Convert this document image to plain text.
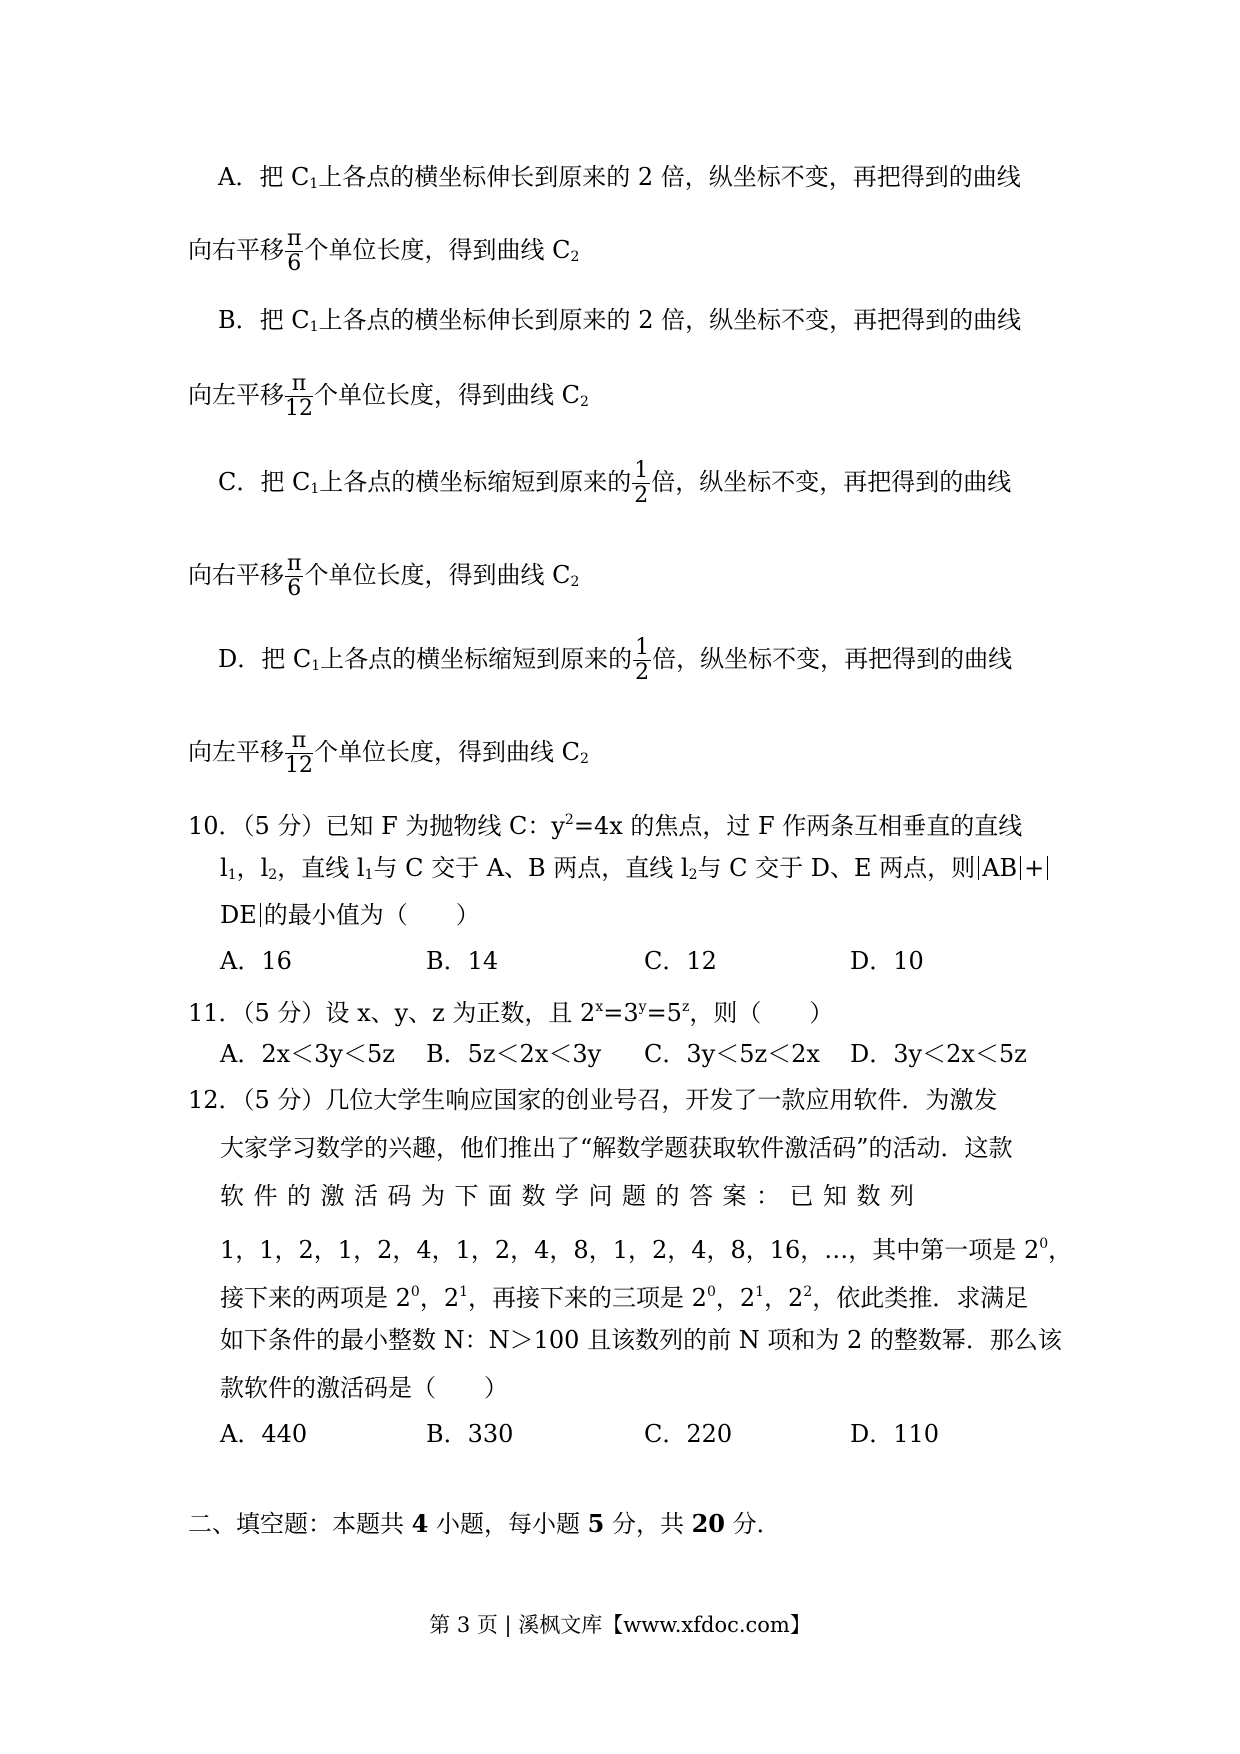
A．把 $C_1$上各点的横坐标伸长到原来的 2 倍，纵坐标不变，再把得到的曲线
向右平移 $\frac{\pi}{6}$ 个单位长度，得到曲线 $C_2$
B．把 $C_1$上各点的横坐标伸长到原来的 2 倍，纵坐标不变，再把得到的曲线
向左平移 $\frac{\pi}{12}$ 个单位长度，得到曲线 $C_2$
C．把 $C_1$上各点的横坐标缩短到原来的 $\frac{1}{2}$ 倍，纵坐标不变，再把得到的曲线
向右平移 $\frac{\pi}{6}$ 个单位长度，得到曲线 $C_2$
D．把 $C_1$上各点的横坐标缩短到原来的 $\frac{1}{2}$ 倍，纵坐标不变，再把得到的曲线
向左平移 $\frac{\pi}{12}$ 个单位长度，得到曲线 $C_2$
10．（5 分）已知 F 为抛物线 C：$y^2=4x$ 的焦点，过 F 作两条互相垂直的直线
$l_1$，$l_2$，直线 $l_1$与 C 交于 A、B 两点，直线 $l_2$与 C 交于 D、E 两点，则 AB +
DE 的最小值为（　　）
A．16	B．14	C．12	D．10
11．（5 分）设 x、y、z 为正数，且 $2^x=3^y=5^z$，则（　　）
A．2x＜3y＜5z B．5z＜2x＜3y C．3y＜5z＜2x D．3y＜2x＜5z
12．（5 分）几位大学生响应国家的创业号召，开发了一款应用软件．为激发
大家学习数学的兴趣，他们推出了“解数学题获取软件激活码”的活动．这款
软件的激活码为下面数学问题的答案：已知数列
1，1，2，1，2，4，1，2，4，8，1，2，4，8，16，…，其中第一项是 $2^0$，
接下来的两项是 $2^0$，$2^1$，再接下来的三项是 $2^0$，$2^1$，$2^2$，依此类推．求满足
如下条件的最小整数 N：N＞100 且该数列的前 N 项和为 2 的整数幂．那么该
款软件的激活码是（　　）
A．440	B．330	C．220	D．110
二、填空题：本题共 4 小题，每小题 5 分，共 20 分．
第 3 页 | 溪枫文库【www.xfdoc.com】
